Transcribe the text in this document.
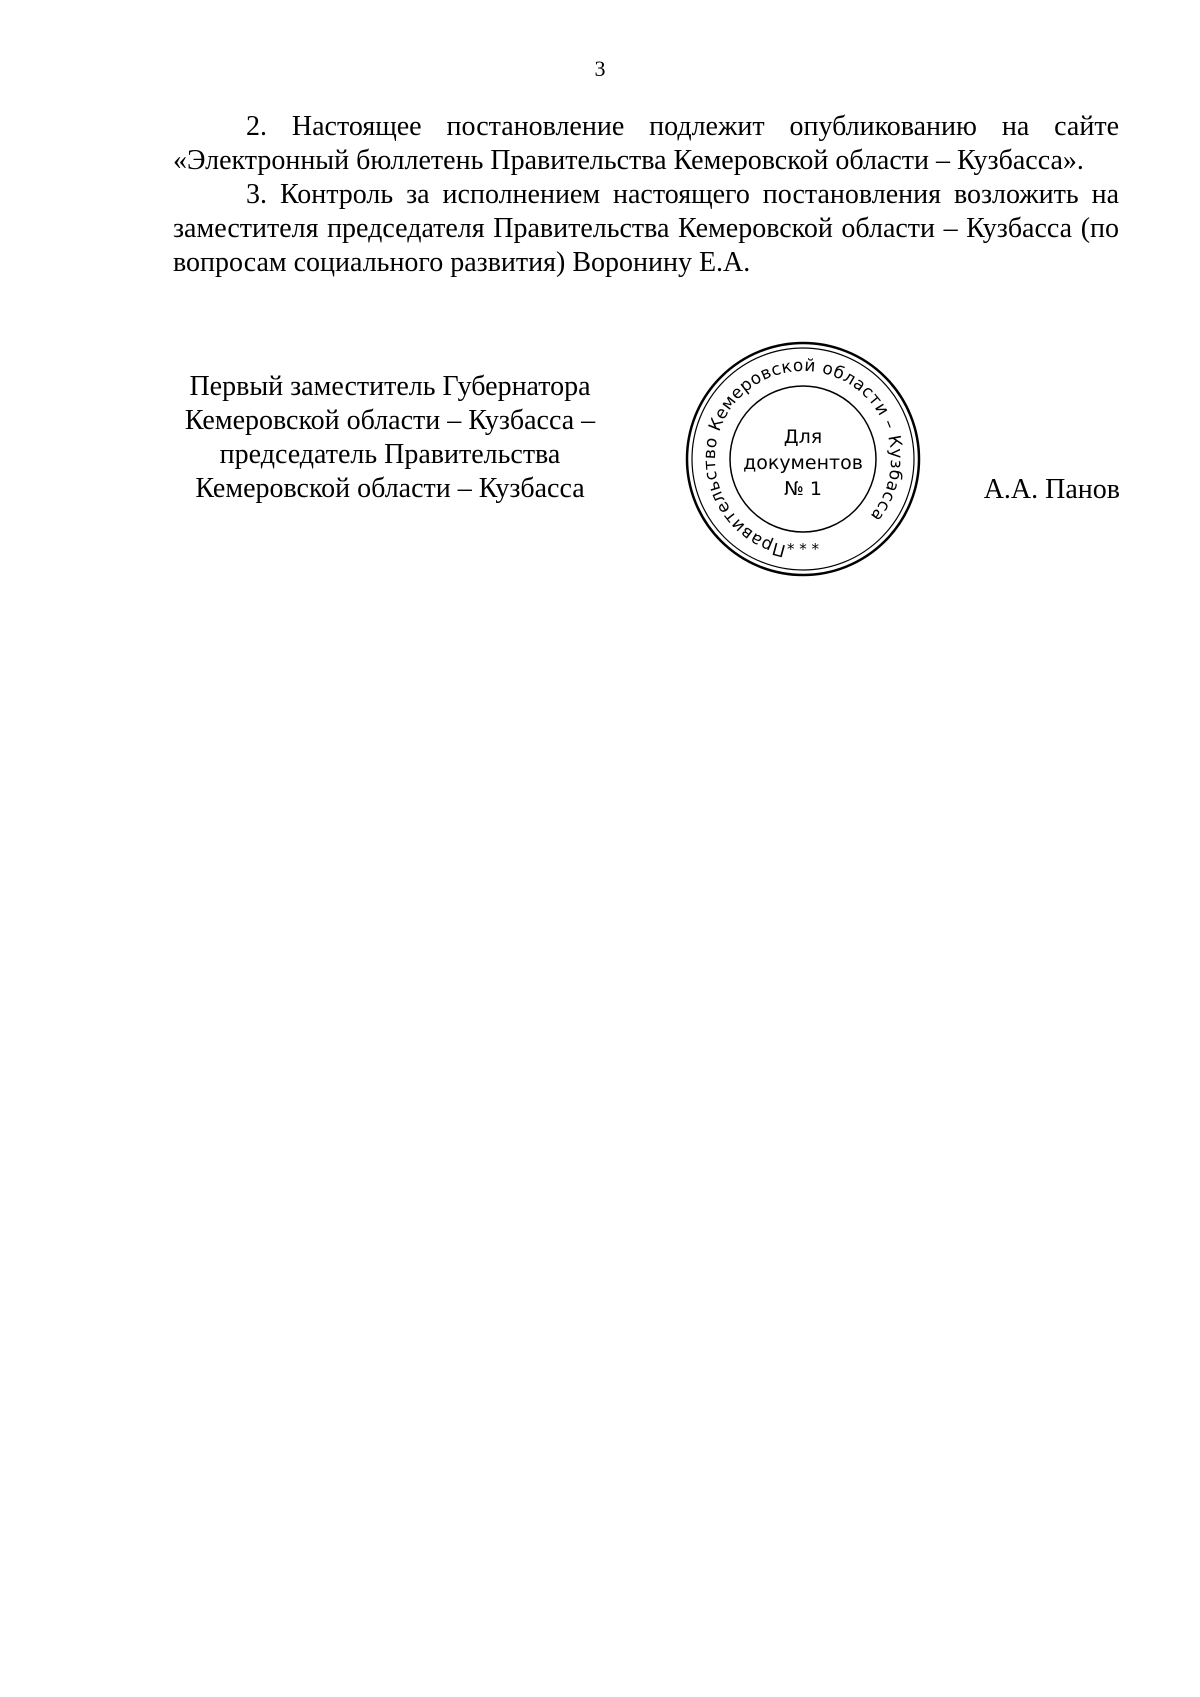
3

2. Настоящее постановление подлежит опубликованию на сайте «Электронный бюллетень Правительства Кемеровской области – Кузбасса».

3. Контроль за исполнением настоящего постановления возложить на заместителя председателя Правительства Кемеровской области – Кузбасса (по вопросам социального развития) Воронину Е.А.

Первый заместитель Губернатора
Кемеровской области – Кузбасса –
председатель Правительства
Кемеровской области – Кузбасса
Правительство Кемеровской области – Кузбасса
* * *
Для
документов
№ 1	А.А. Панов
